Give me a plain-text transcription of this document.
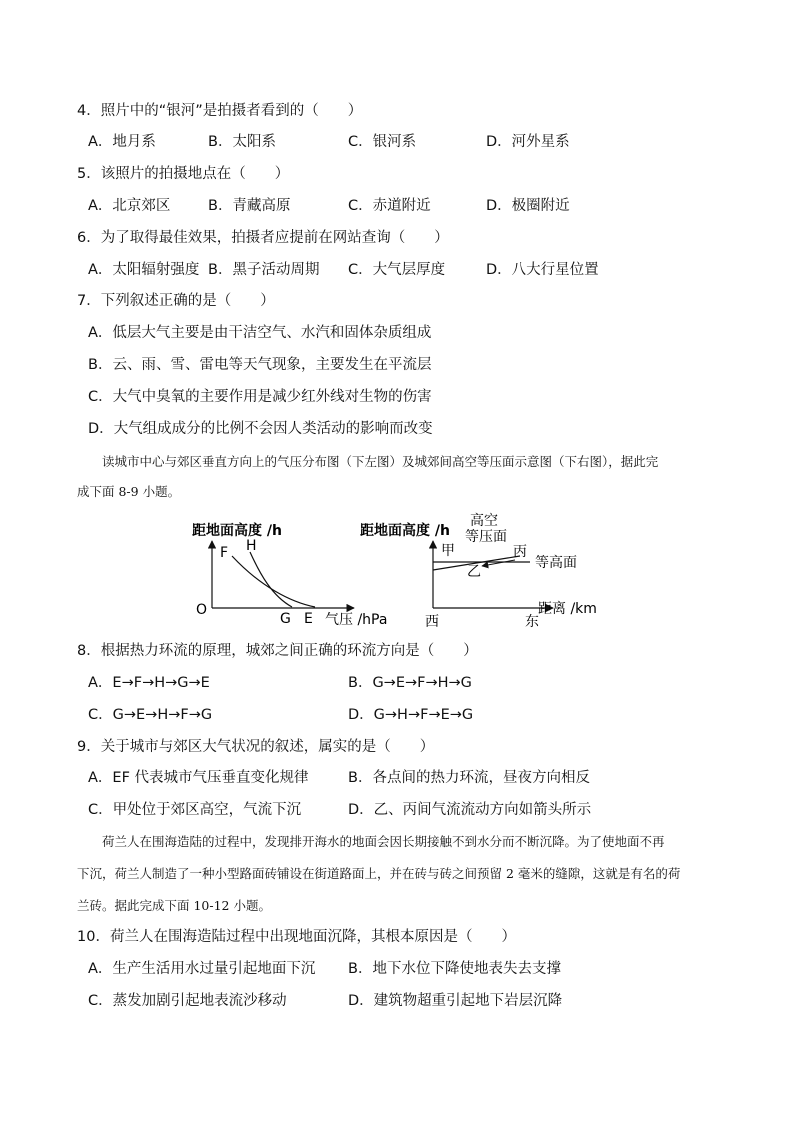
4．照片中的“银河”是拍摄者看到的（　　）
A．地月系	B．太阳系	C．银河系	D．河外星系
5．该照片的拍摄地点在（　　）
A．北京郊区	B．青藏高原	C．赤道附近	D．极圈附近
6．为了取得最佳效果，拍摄者应提前在网站查询（　　）
A．太阳辐射强度 B．黑子活动周期 C．大气层厚度	D．八大行星位置
7．下列叙述正确的是（　　）
A．低层大气主要是由干洁空气、水汽和固体杂质组成
B．云、雨、雪、雷电等天气现象，主要发生在平流层
C．大气中臭氧的主要作用是减少红外线对生物的伤害
D．大气组成成分的比例不会因人类活动的影响而改变
读城市中心与郊区垂直方向上的气压分布图（下左图）及城郊间高空等压面示意图（下右图），据此完
成下面 8-9 小题。
距地面高度 /h
O
气压 /hPa
F H
G E
距地面高度 /h
高空
等压面
甲
乙
丙
等高面
西	东
距离 /km
8．根据热力环流的原理，城郊之间正确的环流方向是（　　）
A．E→F→H→G→E	B．G→E→F→H→G
C．G→E→H→F→G	D．G→H→F→E→G
9．关于城市与郊区大气状况的叙述，属实的是（　　）
A．EF 代表城市气压垂直变化规律	B．各点间的热力环流，昼夜方向相反
C．甲处位于郊区高空，气流下沉	D．乙、丙间气流流动方向如箭头所示
荷兰人在围海造陆的过程中，发现排开海水的地面会因长期接触不到水分而不断沉降。为了使地面不再
下沉，荷兰人制造了一种小型路面砖铺设在街道路面上，并在砖与砖之间预留 2 毫米的缝隙，这就是有名的荷
兰砖。据此完成下面 10-12 小题。
10．荷兰人在围海造陆过程中出现地面沉降，其根本原因是（　　）
A．生产生活用水过量引起地面下沉 B．地下水位下降使地表失去支撑
C．蒸发加剧引起地表流沙移动	D．建筑物超重引起地下岩层沉降
